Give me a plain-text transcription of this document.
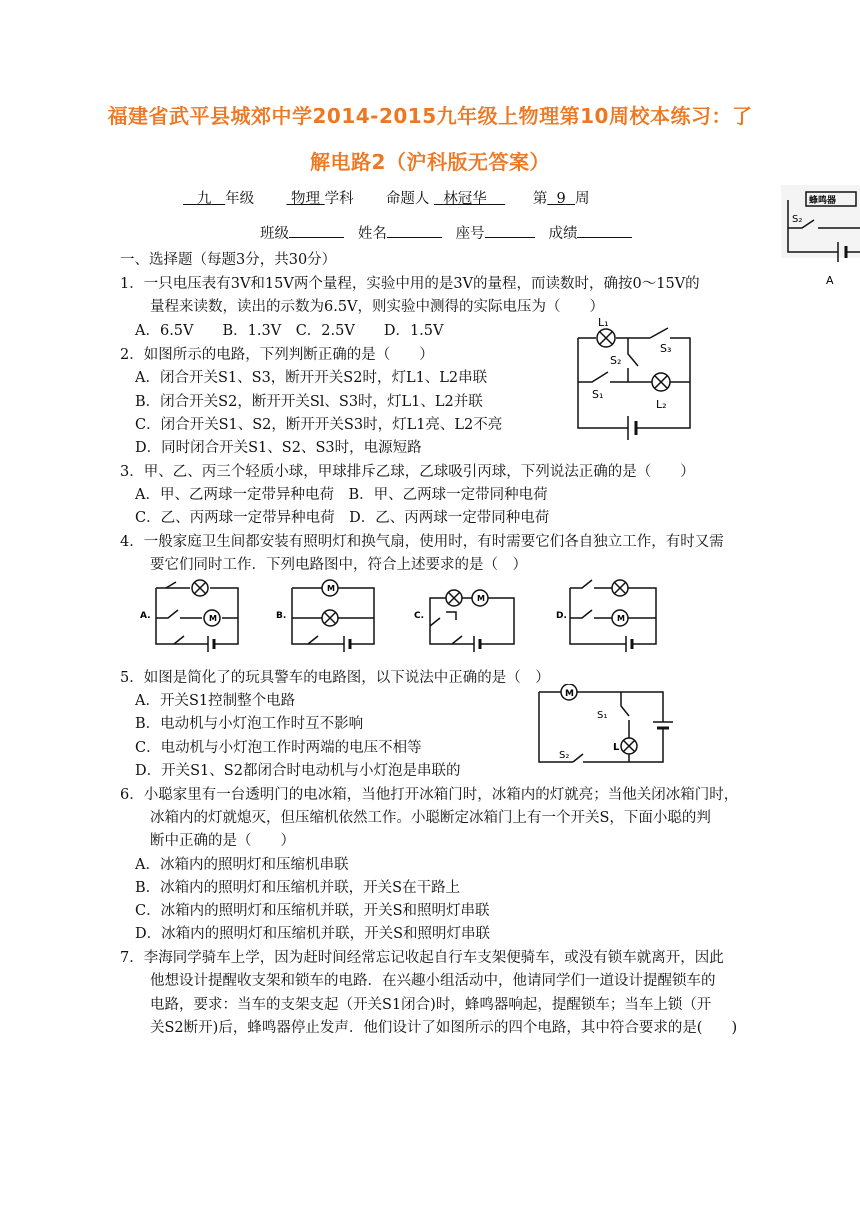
福建省武平县城郊中学2014-2015九年级上物理第10周校本练习：了
解电路2（沪科版无答案）
九 年级	物理 学科 命题人 林冠华	第 9 周
班级	姓名	座号	成绩
一、选择题（每题3分，共30分）
1．一只电压表有3V和15V两个量程，实验中用的是3V的量程，而读数时，确按0～15V的
量程来读数，读出的示数为6.5V，则实验中测得的实际电压为（　　）
A．6.5V　　B．1.3V　C．2.5V　　D．1.5V
2．如图所示的电路，下列判断正确的是（　　）
A．闭合开关S1、S3，断开开关S2时，灯L1、L2串联
B．闭合开关S2，断开开关Sl、S3时，灯L1、L2并联
C．闭合开关S1、S2，断开开关S3时，灯L1亮、L2不亮
D．同时闭合开关S1、S2、S3时，电源短路
L₁
S₂
S₃
S₁
L₂
3．甲、乙、丙三个轻质小球，甲球排斥乙球，乙球吸引丙球，下列说法正确的是（　　）
A．甲、乙两球一定带异种电荷　B．甲、乙两球一定带同种电荷
C．乙、丙两球一定带异种电荷　D．乙、丙两球一定带同种电荷
4．一般家庭卫生间都安装有照明灯和换气扇，使用时，有时需要它们各自独立工作，有时又需
要它们同时工作．下列电路图中，符合上述要求的是（　）
A.	B.	C.	D.
M
M
M
M
5．如图是简化了的玩具警车的电路图，以下说法中正确的是（　）
A．开关S1控制整个电路
B．电动机与小灯泡工作时互不影响
C．电动机与小灯泡工作时两端的电压不相等
D．开关S1、S2都闭合时电动机与小灯泡是串联的
M
S₁
L
S₂
6．小聪家里有一台透明门的电冰箱，当他打开冰箱门时，冰箱内的灯就亮；当他关闭冰箱门时，
冰箱内的灯就熄灭，但压缩机依然工作。小聪断定冰箱门上有一个开关S，下面小聪的判
断中正确的是（　　）
A．冰箱内的照明灯和压缩机串联
B．冰箱内的照明灯和压缩机并联，开关S在干路上
C．冰箱内的照明灯和压缩机并联，开关S和照明灯串联
D．冰箱内的照明灯和压缩机并联，开关S和照明灯串联
7．李海同学骑车上学，因为赶时间经常忘记收起自行车支架便骑车，或没有锁车就离开，因此
他想设计提醒收支架和锁车的电路．在兴趣小组活动中，他请同学们一道设计提醒锁车的
电路，要求：当车的支架支起（开关S1闭合)时，蜂鸣器响起，提醒锁车；当车上锁（开
关S2断开)后，蜂鸣器停止发声．他们设计了如图所示的四个电路，其中符合要求的是(　　)
蜂鸣器
S₂
A
